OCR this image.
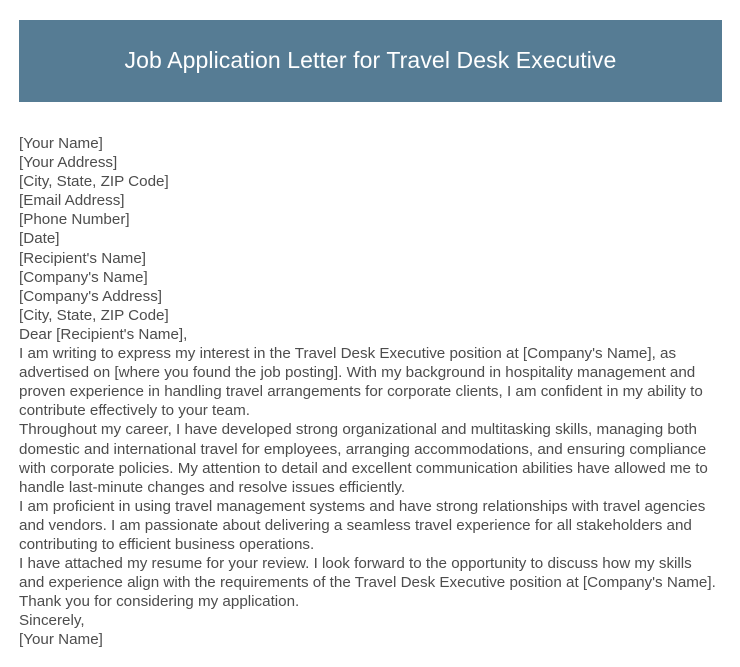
Job Application Letter for Travel Desk Executive
[Your Name]
[Your Address]
[City, State, ZIP Code]
[Email Address]
[Phone Number]
[Date]
[Recipient's Name]
[Company's Name]
[Company's Address]
[City, State, ZIP Code]
Dear [Recipient's Name],

I am writing to express my interest in the Travel Desk Executive position at [Company's Name], as advertised on [where you found the job posting]. With my background in hospitality management and proven experience in handling travel arrangements for corporate clients, I am confident in my ability to contribute effectively to your team.

Throughout my career, I have developed strong organizational and multitasking skills, managing both domestic and international travel for employees, arranging accommodations, and ensuring compliance with corporate policies. My attention to detail and excellent communication abilities have allowed me to handle last-minute changes and resolve issues efficiently.

I am proficient in using travel management systems and have strong relationships with travel agencies and vendors. I am passionate about delivering a seamless travel experience for all stakeholders and contributing to efficient business operations.

I have attached my resume for your review. I look forward to the opportunity to discuss how my skills and experience align with the requirements of the Travel Desk Executive position at [Company's Name]. Thank you for considering my application.

Sincerely,
[Your Name]
